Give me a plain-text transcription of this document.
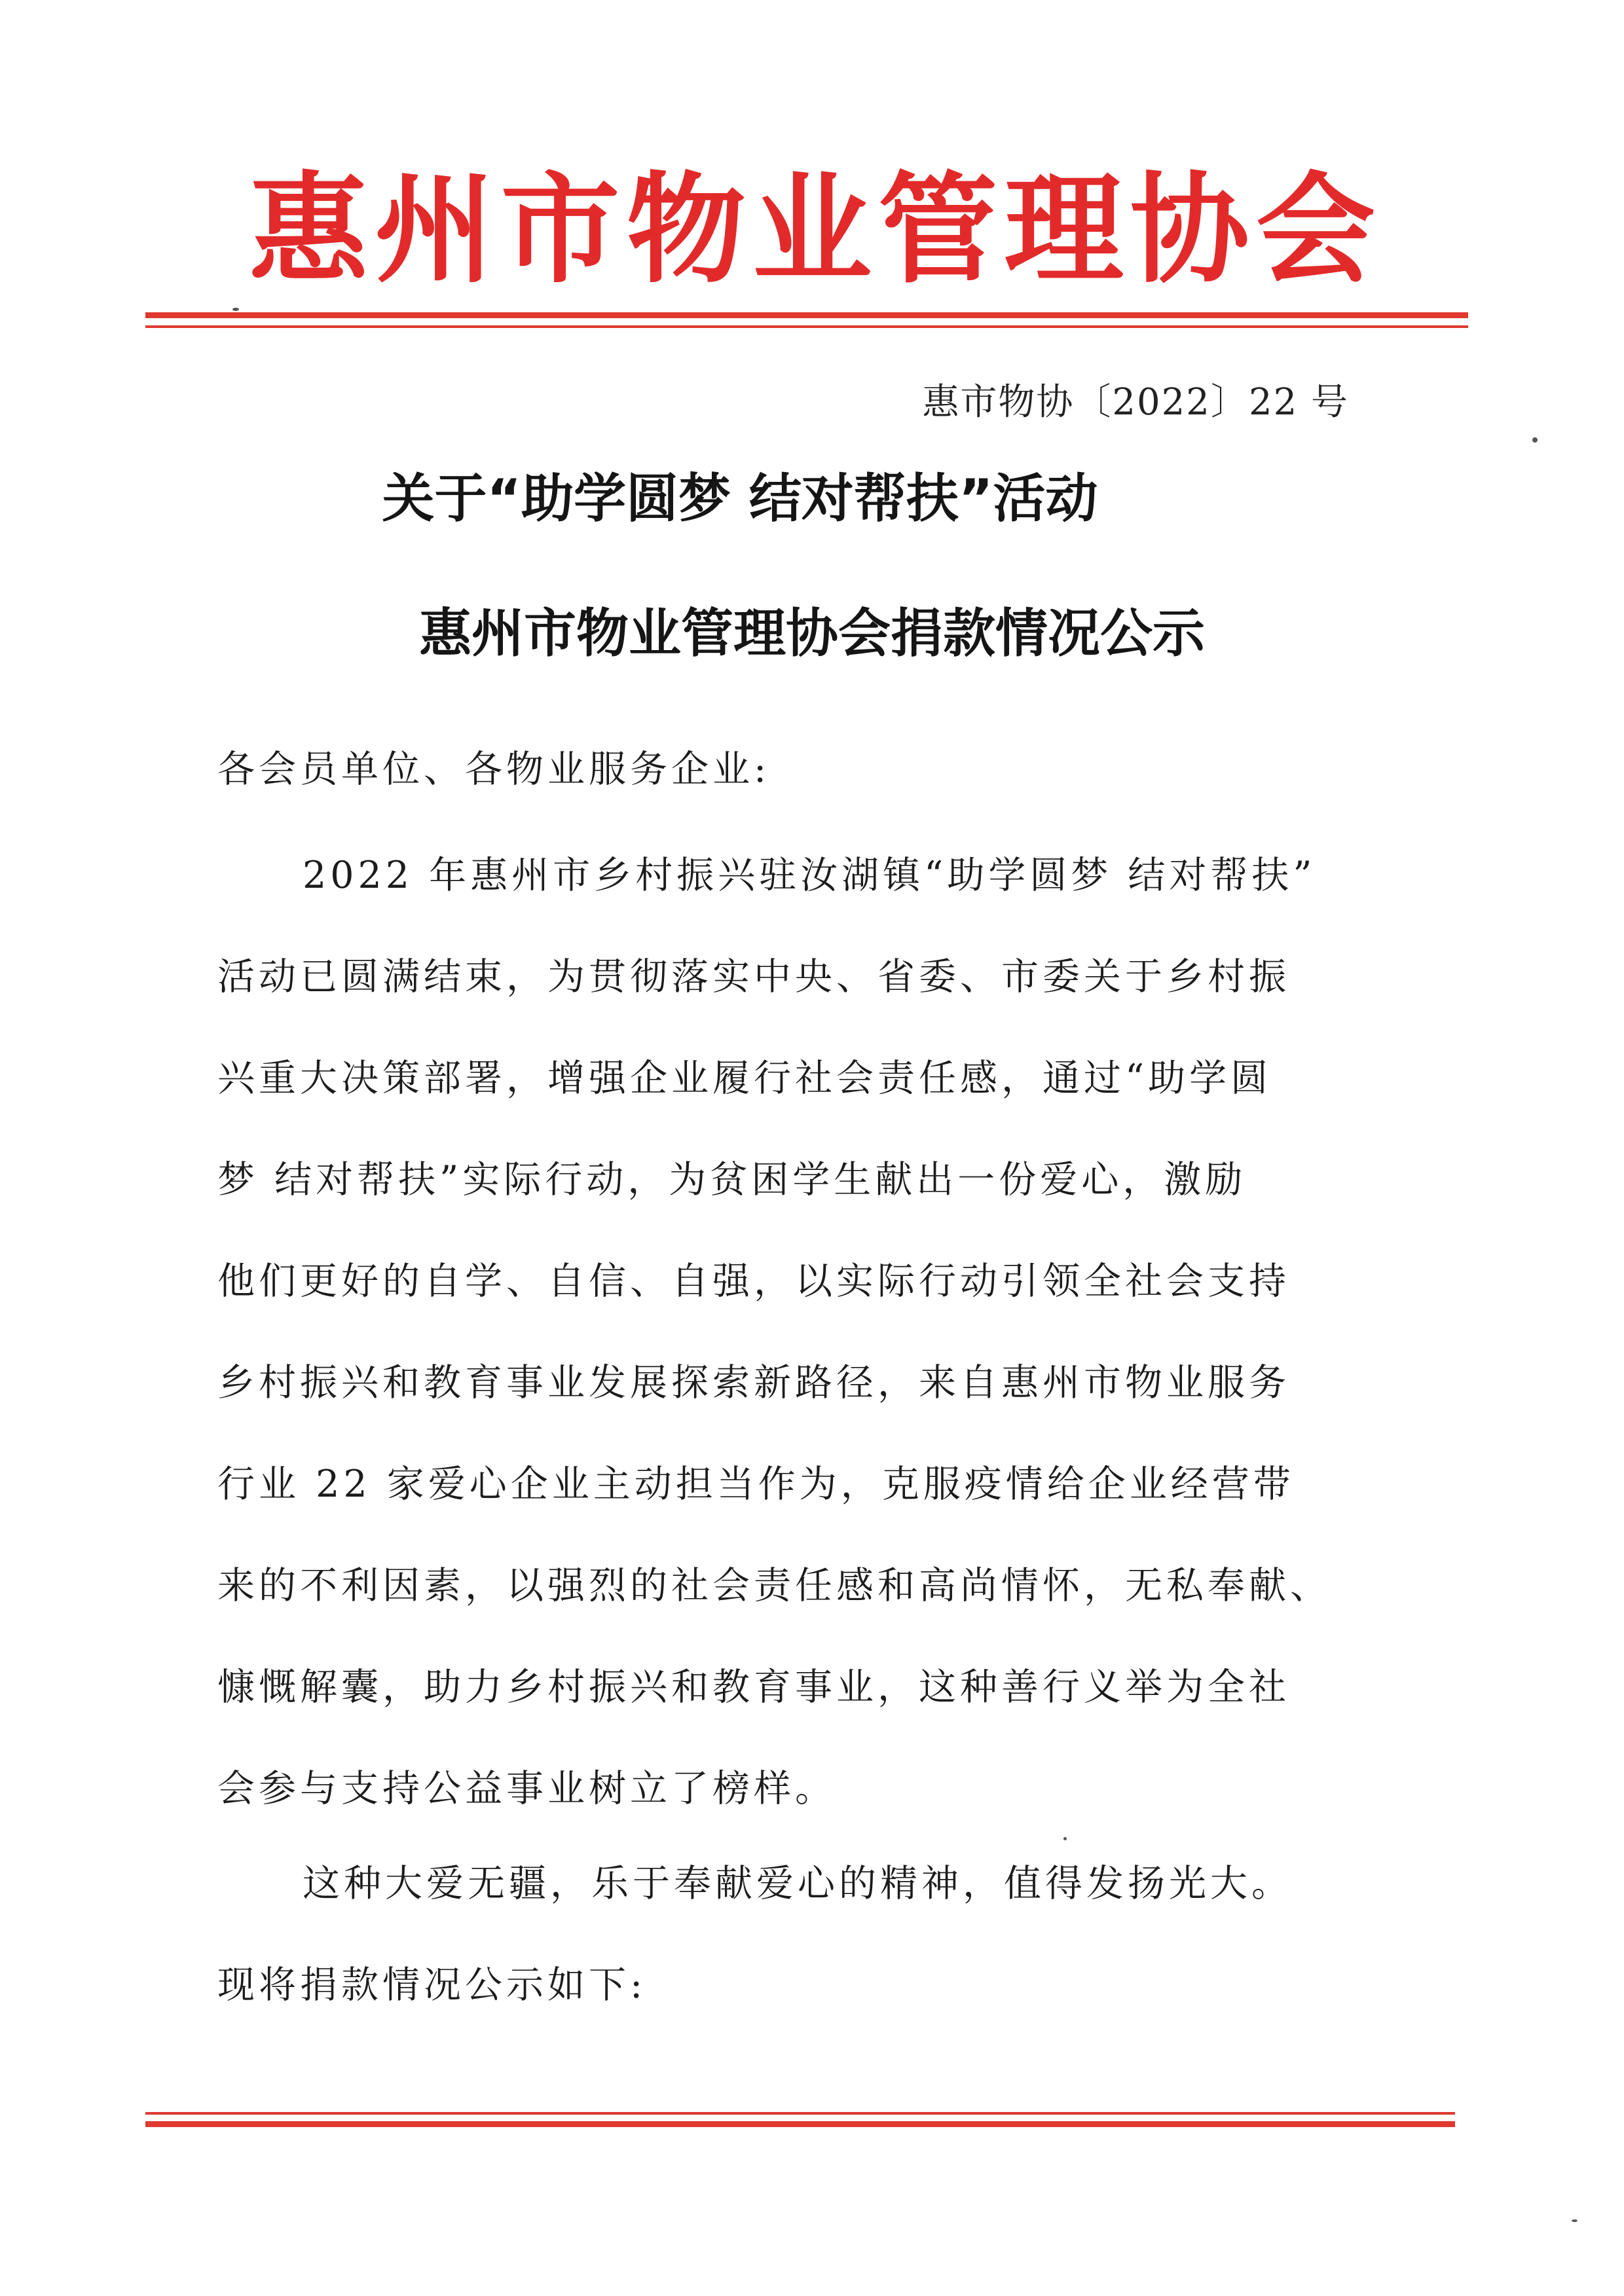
惠 州 市 物 业 管 理 协 会
惠市物协〔2022〕22 号
关于“助学圆梦 结对帮扶”活动
惠州市物业管理协会捐款情况公示
各会员单位、各物业服务企业:
2022 年惠州市乡村振兴驻汝湖镇“助学圆梦 结对帮扶”
活动已圆满结束，为贯彻落实中央、省委、市委关于乡村振
兴重大决策部署，增强企业履行社会责任感，通过“助学圆
梦 结对帮扶”实际行动，为贫困学生献出一份爱心，激励
他们更好的自学、自信、自强，以实际行动引领全社会支持
乡村振兴和教育事业发展探索新路径，来自惠州市物业服务
行业 22 家爱心企业主动担当作为，克服疫情给企业经营带
来的不利因素，以强烈的社会责任感和高尚情怀，无私奉献、
慷慨解囊，助力乡村振兴和教育事业，这种善行义举为全社
会参与支持公益事业树立了榜样。
这种大爱无疆，乐于奉献爱心的精神，值得发扬光大。
现将捐款情况公示如下:
